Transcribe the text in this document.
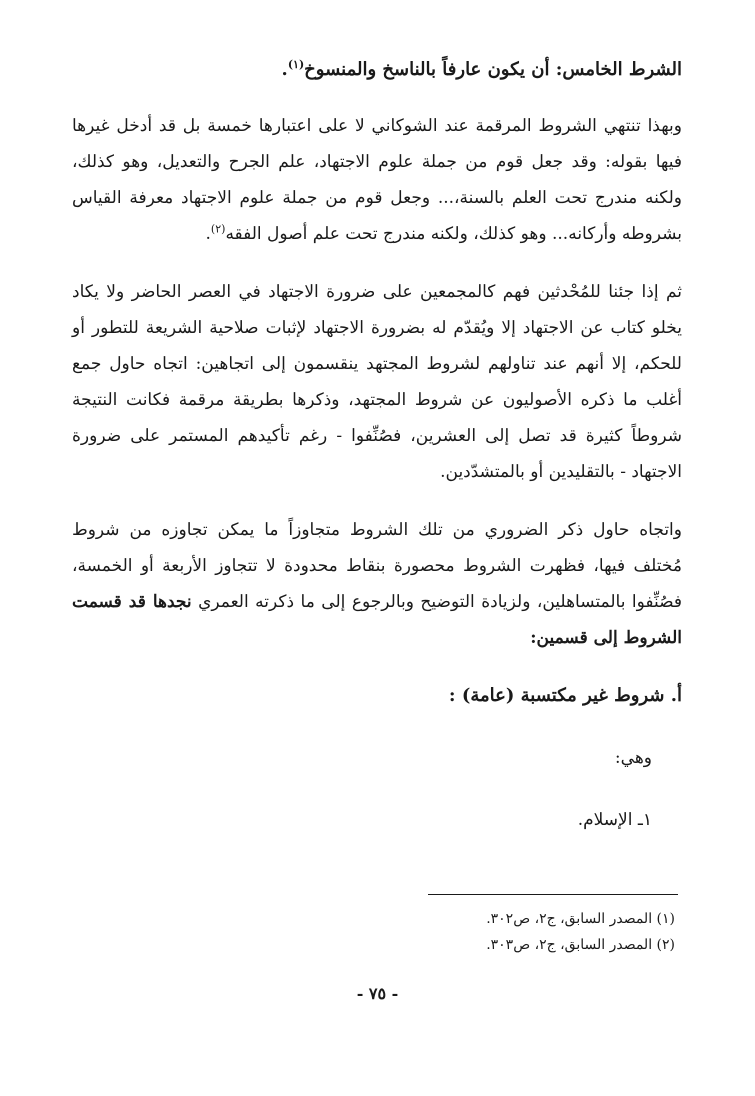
الشرط الخامس: أن يكون عارفاً بالناسخ والمنسوخ$^{(١)}$.

وبهذا تنتهي الشروط المرقمة عند الشوكاني لا على اعتبارها خمسة بل قد أدخل غيرها فيها بقوله: وقد جعل قوم من جملة علوم الاجتهاد، علم الجرح والتعديل، وهو كذلك، ولكنه مندرج تحت العلم بالسنة،... وجعل قوم من جملة علوم الاجتهاد معرفة القياس بشروطه وأركانه... وهو كذلك، ولكنه مندرج تحت علم أصول الفقه$^{(٢)}$.

ثم إذا جئنا للمُحْدثين فهم كالمجمعين على ضرورة الاجتهاد في العصر الحاضر ولا يكاد يخلو كتاب عن الاجتهاد إلا ويُقدّم له بضرورة الاجتهاد لإثبات صلاحية الشريعة للتطور أو للحكم، إلا أنهم عند تناولهم لشروط المجتهد ينقسمون إلى اتجاهين: اتجاه حاول جمع أغلب ما ذكره الأصوليون عن شروط المجتهد، وذكرها بطريقة مرقمة فكانت النتيجة شروطاً كثيرة قد تصل إلى العشرين، فصُنِّفوا - رغم تأكيدهم المستمر على ضرورة الاجتهاد - بالتقليدين أو بالمتشدّدين.

واتجاه حاول ذكر الضروري من تلك الشروط متجاوزاً ما يمكن تجاوزه من شروط مُختلف فيها، فظهرت الشروط محصورة بنقاط محدودة لا تتجاوز الأربعة أو الخمسة، فصُنِّفوا بالمتساهلين، ولزيادة التوضيح وبالرجوع إلى ما ذكرته العمري نجدها قد قسمت الشروط إلى قسمين:

أ. شروط غير مكتسبة (عامة) :
وهي:
١ـ الإسلام.

(١) المصدر السابق، ج٢، ص٣٠٢.

(٢) المصدر السابق، ج٢، ص٣٠٣.

- ٧٥ -
